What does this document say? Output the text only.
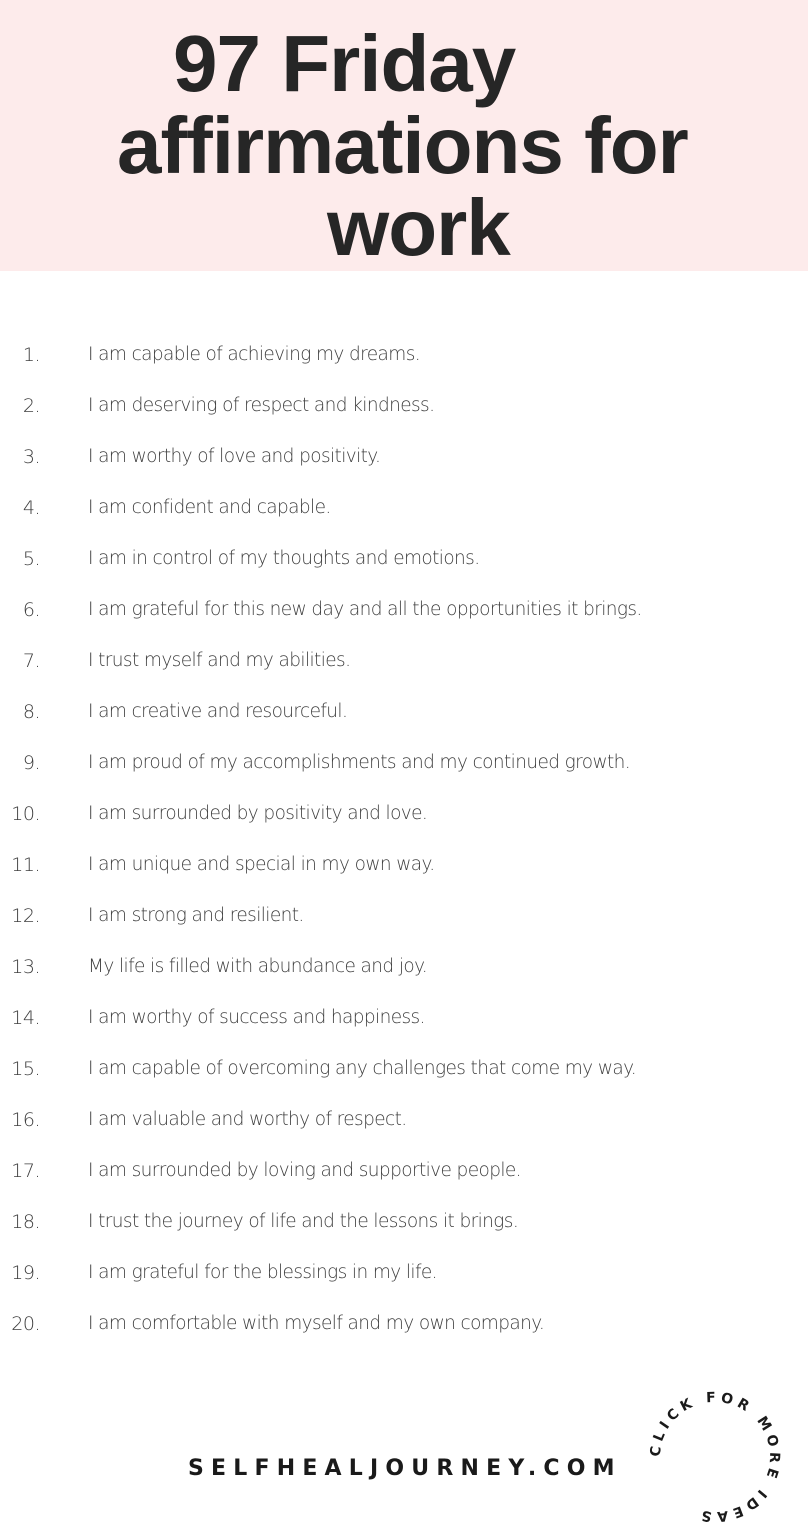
97 Friday
affirmations for
work
1.	I am capable of achieving my dreams.
2.	I am deserving of respect and kindness.
3.	I am worthy of love and positivity.
4.	I am confident and capable.
5.	I am in control of my thoughts and emotions.
6.	I am grateful for this new day and all the opportunities it brings.
7.	I trust myself and my abilities.
8.	I am creative and resourceful.
9.	I am proud of my accomplishments and my continued growth.
10.	I am surrounded by positivity and love.
11.	I am unique and special in my own way.
12.	I am strong and resilient.
13.	My life is filled with abundance and joy.
14.	I am worthy of success and happiness.
15.	I am capable of overcoming any challenges that come my way.
16.	I am valuable and worthy of respect.
17.	I am surrounded by loving and supportive people.
18.	I trust the journey of life and the lessons it brings.
19.	I am grateful for the blessings in my life.
20.	I am comfortable with myself and my own company.
SELFHEALJOURNEY.COM
CLICK FOR MORE IDEAS
